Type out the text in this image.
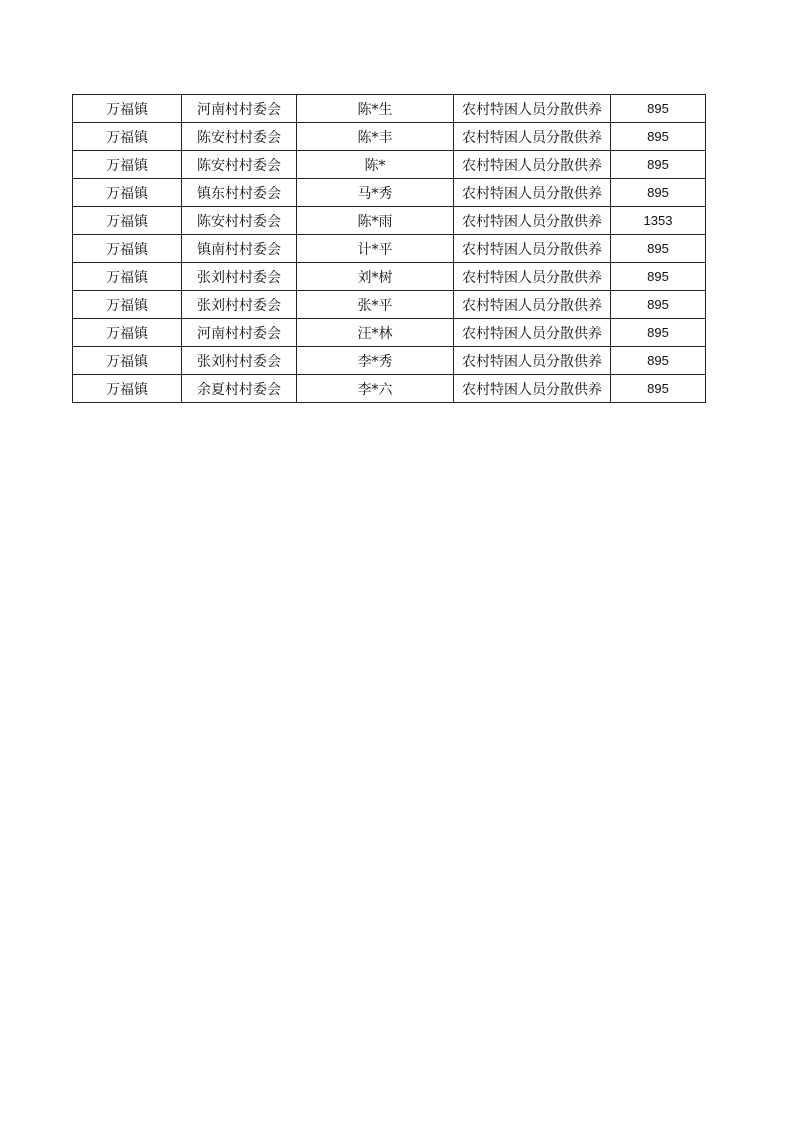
万福镇	河南村村委会	陈*生	农村特困人员分散供养	895
万福镇	陈安村村委会	陈*丰	农村特困人员分散供养	895
万福镇	陈安村村委会	陈*	农村特困人员分散供养	895
万福镇	镇东村村委会	马*秀	农村特困人员分散供养	895
万福镇	陈安村村委会	陈*雨	农村特困人员分散供养	1353
万福镇	镇南村村委会	计*平	农村特困人员分散供养	895
万福镇	张刘村村委会	刘*树	农村特困人员分散供养	895
万福镇	张刘村村委会	张*平	农村特困人员分散供养	895
万福镇	河南村村委会	汪*林	农村特困人员分散供养	895
万福镇	张刘村村委会	李*秀	农村特困人员分散供养	895
万福镇	余夏村村委会	李*六	农村特困人员分散供养	895
